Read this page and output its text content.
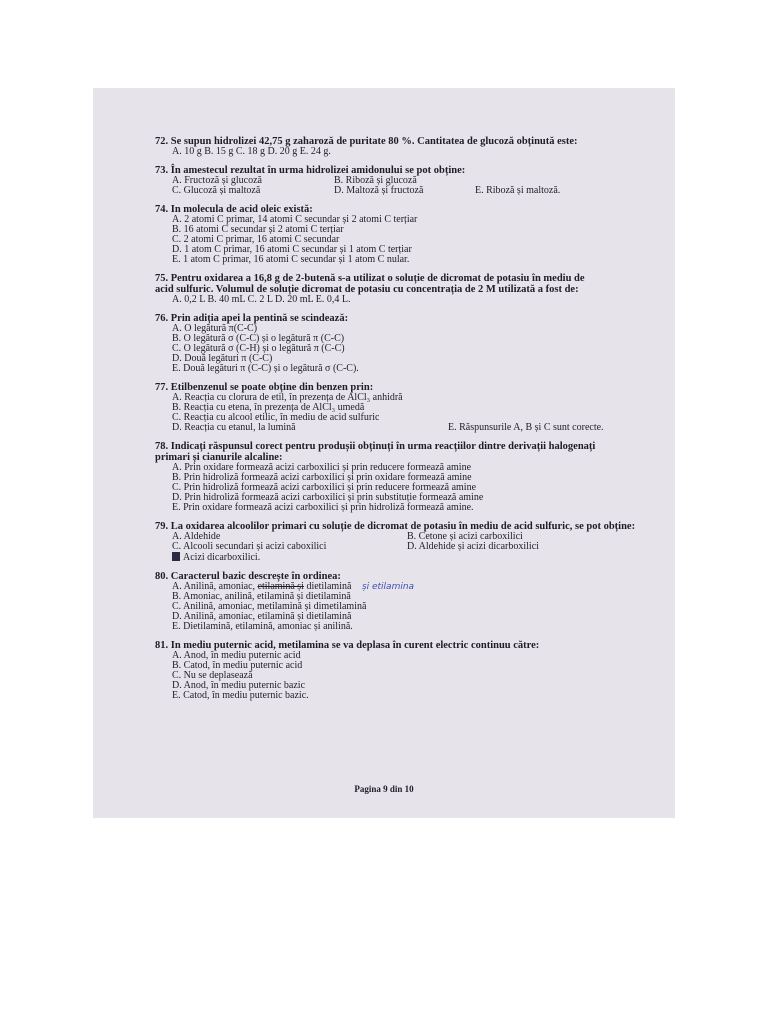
72. Se supun hidrolizei 42,75 g zaharoză de puritate 80 %. Cantitatea de glucoză obținută este:
A. 10 g B. 15 g C. 18 g D. 20 g E. 24 g.
73. În amestecul rezultat în urma hidrolizei amidonului se pot obține:
A. Fructoză și glucoză	B. Riboză și glucoză
C. Glucoză și maltoză	D. Maltoză și fructoză	E. Riboză și maltoză.
74. In molecula de acid oleic există:
A. 2 atomi C primar, 14 atomi C secundar și 2 atomi C terțiar
B. 16 atomi C secundar și 2 atomi C terțiar
C. 2 atomi C primar, 16 atomi C secundar
D. 1 atom C primar, 16 atomi C secundar și 1 atom C terțiar
E. 1 atom C primar, 16 atomi C secundar și 1 atom C nular.
75. Pentru oxidarea a 16,8 g de 2-butenă s-a utilizat o soluție de dicromat de potasiu în mediu de
acid sulfuric. Volumul de soluție dicromat de potasiu cu concentrația de 2 M utilizată a fost de:
A. 0,2 L B. 40 mL C. 2 L D. 20 mL E. 0,4 L.
76. Prin adiția apei la pentină se scindează:
A. O legătură π(C-C)
B. O legătură σ (C-C) și o legătură π (C-C)
C. O legătură σ (C-H) și o legătură π (C-C)
D. Două legături π (C-C)
E. Două legături π (C-C) și o legătură σ (C-C).
77. Etilbenzenul se poate obține din benzen prin:
A. Reacția cu clorura de etil, în prezența de AlCl₃ anhidră
B. Reacția cu etena, în prezența de AlCl₃ umedă
C. Reacția cu alcool etilic, în mediu de acid sulfuric
D. Reacția cu etanul, la lumină	E. Răspunsurile A, B și C sunt corecte.
78. Indicați răspunsul corect pentru produșii obținuți în urma reacțiilor dintre derivații halogenați
primari și cianurile alcaline:
A. Prin oxidare formează acizi carboxilici și prin reducere formează amine
B. Prin hidroliză formează acizi carboxilici și prin oxidare formează amine
C. Prin hidroliză formează acizi carboxilici și prin reducere formează amine
D. Prin hidroliză formează acizi carboxilici și prin substituție formează amine
E. Prin oxidare formează acizi carboxilici și prin hidroliză formează amine.
79. La oxidarea alcoolilor primari cu soluție de dicromat de potasiu în mediu de acid sulfuric, se pot obține:
A. Aldehide	B. Cetone și acizi carboxilici
C. Alcooli secundari și acizi caboxilici	D. Aldehide și acizi dicarboxilici
Acizi dicarboxilici.
80. Caracterul bazic descrește în ordinea:
A. Anilină, amoniac, etilamină și dietilamină și etilamina
B. Amoniac, anilină, etilamină și dietilamină
C. Anilină, amoniac, metilamină și dimetilamină
D. Anilină, amoniac, etilamină și dietilamină
E. Dietilamină, etilamină, amoniac și anilină.
81. In mediu puternic acid, metilamina se va deplasa în curent electric continuu către:
A. Anod, în mediu puternic acid
B. Catod, în mediu puternic acid
C. Nu se deplasează
D. Anod, în mediu puternic bazic
E. Catod, în mediu puternic bazic.
Pagina 9 din 10
